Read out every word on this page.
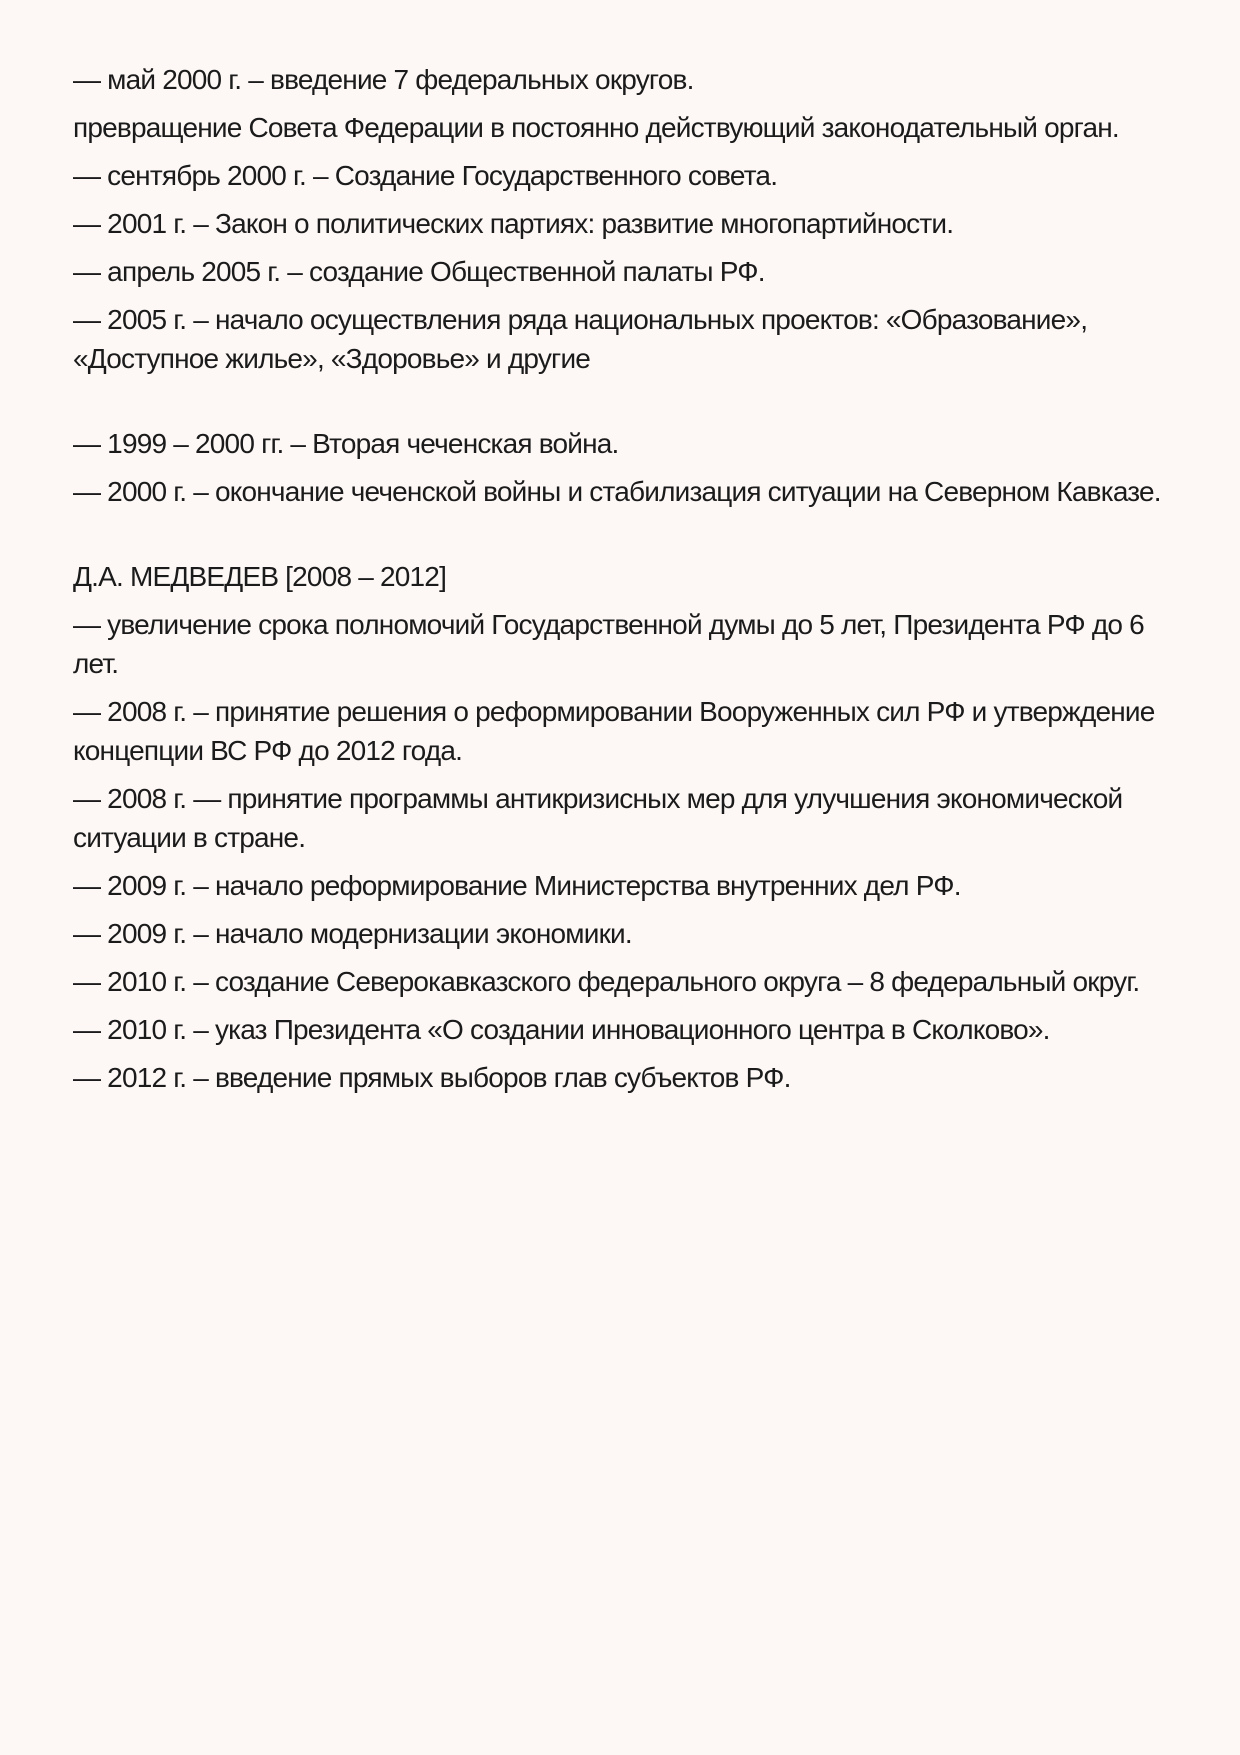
— май 2000 г. – введение 7 федеральных округов.

превращение Совета Федерации в постоянно действующий законодательный орган.

— сентябрь 2000 г. – Создание Государственного совета.

— 2001 г. – Закон о политических партиях: развитие многопартийности.

— апрель 2005 г. – создание Общественной палаты РФ.

— 2005 г. – начало осуществления ряда национальных проектов: «Образование», «Доступное жилье», «Здоровье» и другие

— 1999 – 2000 гг. – Вторая чеченская война.

— 2000 г. – окончание чеченской войны и стабилизация ситуации на Северном Кавказе.

Д.А. МЕДВЕДЕВ [2008 – 2012]

— увеличение срока полномочий Государственной думы до 5 лет, Президента РФ до 6 лет.

— 2008 г. – принятие решения о реформировании Вооруженных сил РФ и утверждение концепции ВС РФ до 2012 года.

— 2008 г. — принятие программы антикризисных мер для улучшения экономической ситуации в стране.

— 2009 г. – начало реформирование Министерства внутренних дел РФ.

— 2009 г. – начало модернизации экономики.

— 2010 г. – создание Северокавказского федерального округа – 8 федеральный округ.

— 2010 г. – указ Президента «О создании инновационного центра в Сколково».

— 2012 г. – введение прямых выборов глав субъектов РФ.
